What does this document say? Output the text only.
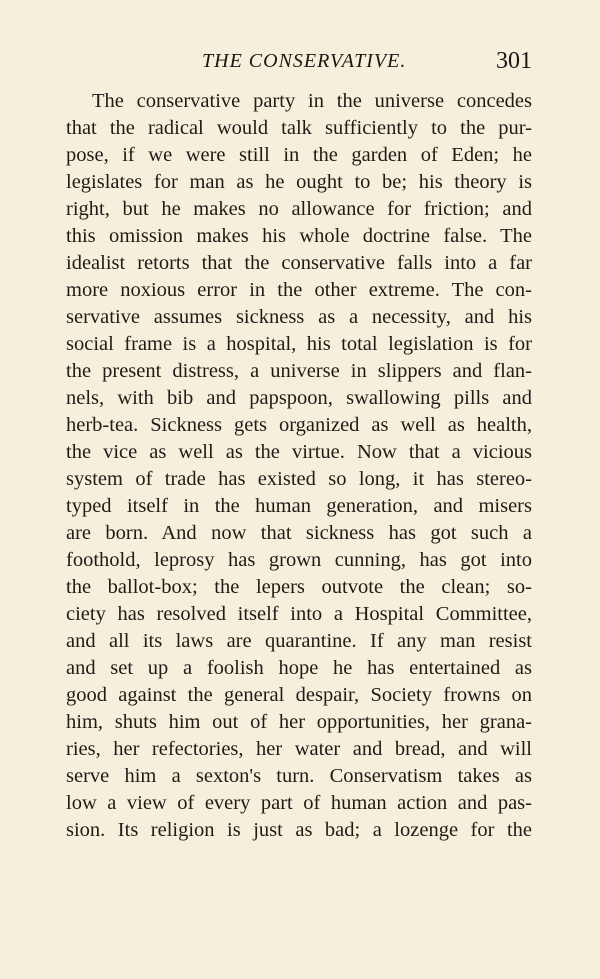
THE CONSERVATIVE.	301
The conservative party in the universe concedes
that the radical would talk sufficiently to the pur-
pose, if we were still in the garden of Eden; he
legislates for man as he ought to be; his theory is
right, but he makes no allowance for friction; and
this omission makes his whole doctrine false. The
idealist retorts that the conservative falls into a far
more noxious error in the other extreme. The con-
servative assumes sickness as a necessity, and his
social frame is a hospital, his total legislation is for
the present distress, a universe in slippers and flan-
nels, with bib and papspoon, swallowing pills and
herb-tea. Sickness gets organized as well as health,
the vice as well as the virtue. Now that a vicious
system of trade has existed so long, it has stereo-
typed itself in the human generation, and misers
are born. And now that sickness has got such a
foothold, leprosy has grown cunning, has got into
the ballot-box; the lepers outvote the clean; so-
ciety has resolved itself into a Hospital Committee,
and all its laws are quarantine. If any man resist
and set up a foolish hope he has entertained as
good against the general despair, Society frowns on
him, shuts him out of her opportunities, her grana-
ries, her refectories, her water and bread, and will
serve him a sexton's turn. Conservatism takes as
low a view of every part of human action and pas-
sion. Its religion is just as bad; a lozenge for the
